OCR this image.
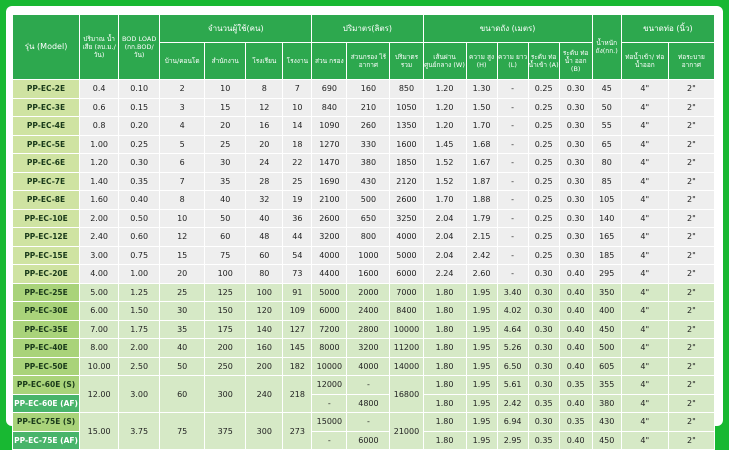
รุ่น (Model)	ปริมาณ น้ำเสีย (ลบ.ม./ วัน)	BOD LOAD (กก.BOD/ วัน)	จำนวนผู้ใช้(คน)				ปริมาตร(ลิตร)			ขนาดถัง (เมตร)					น้ำหนัก ถัง(กก.)	ขนาดท่อ (นิ้ว)	
			บ้าน/คอนโด	สำนักงาน	โรงเรียน	โรงงาน	ส่วน กรอง	ส่วนกรอง ไร้อากาศ	ปริมาตร รวม	เส้นผ่าน ศูนย์กลาง (W)	ความ สูง (H)	ความ ยาว (L)	ระดับ ท่อน้ำเข้า (A)	ระดับ ท่อน้ำ ออก (B)		ท่อน้ำเข้า/ ท่อน้ำออก	ท่อระบาย อากาศ
PP-EC-2E	0.4	0.10	2	10	8	7	690	160	850	1.20	1.30	-	0.25	0.30	45	4"	2"
PP-EC-3E	0.6	0.15	3	15	12	10	840	210	1050	1.20	1.50	-	0.25	0.30	50	4"	2"
PP-EC-4E	0.8	0.20	4	20	16	14	1090	260	1350	1.20	1.70	-	0.25	0.30	55	4"	2"
PP-EC-5E	1.00	0.25	5	25	20	18	1270	330	1600	1.45	1.68	-	0.25	0.30	65	4"	2"
PP-EC-6E	1.20	0.30	6	30	24	22	1470	380	1850	1.52	1.67	-	0.25	0.30	80	4"	2"
PP-EC-7E	1.40	0.35	7	35	28	25	1690	430	2120	1.52	1.87	-	0.25	0.30	85	4"	2"
PP-EC-8E	1.60	0.40	8	40	32	19	2100	500	2600	1.70	1.88	-	0.25	0.30	105	4"	2"
PP-EC-10E	2.00	0.50	10	50	40	36	2600	650	3250	2.04	1.79	-	0.25	0.30	140	4"	2"
PP-EC-12E	2.40	0.60	12	60	48	44	3200	800	4000	2.04	2.15	-	0.25	0.30	165	4"	2"
PP-EC-15E	3.00	0.75	15	75	60	54	4000	1000	5000	2.04	2.42	-	0.25	0.30	185	4"	2"
PP-EC-20E	4.00	1.00	20	100	80	73	4400	1600	6000	2.24	2.60	-	0.30	0.40	295	4"	2"
PP-EC-25E	5.00	1.25	25	125	100	91	5000	2000	7000	1.80	1.95	3.40	0.30	0.40	350	4"	2"
PP-EC-30E	6.00	1.50	30	150	120	109	6000	2400	8400	1.80	1.95	4.02	0.30	0.40	400	4"	2"
PP-EC-35E	7.00	1.75	35	175	140	127	7200	2800	10000	1.80	1.95	4.64	0.30	0.40	450	4"	2"
PP-EC-40E	8.00	2.00	40	200	160	145	8000	3200	11200	1.80	1.95	5.26	0.30	0.40	500	4"	2"
PP-EC-50E	10.00	2.50	50	250	200	182	10000	4000	14000	1.80	1.95	6.50	0.30	0.40	605	4"	2"
PP-EC-60E (S)	12.00	3.00	60	300	240	218	12000	-	16800	1.80	1.95	5.61	0.30	0.35	355	4"	2"
PP-EC-60E (AF)							-	4800		1.80	1.95	2.42	0.35	0.40	380	4"	2"
PP-EC-75E (S)	15.00	3.75	75	375	300	273	15000	-	21000	1.80	1.95	6.94	0.30	0.35	430	4"	2"
PP-EC-75E (AF)							-	6000		1.80	1.95	2.95	0.35	0.40	450	4"	2"
